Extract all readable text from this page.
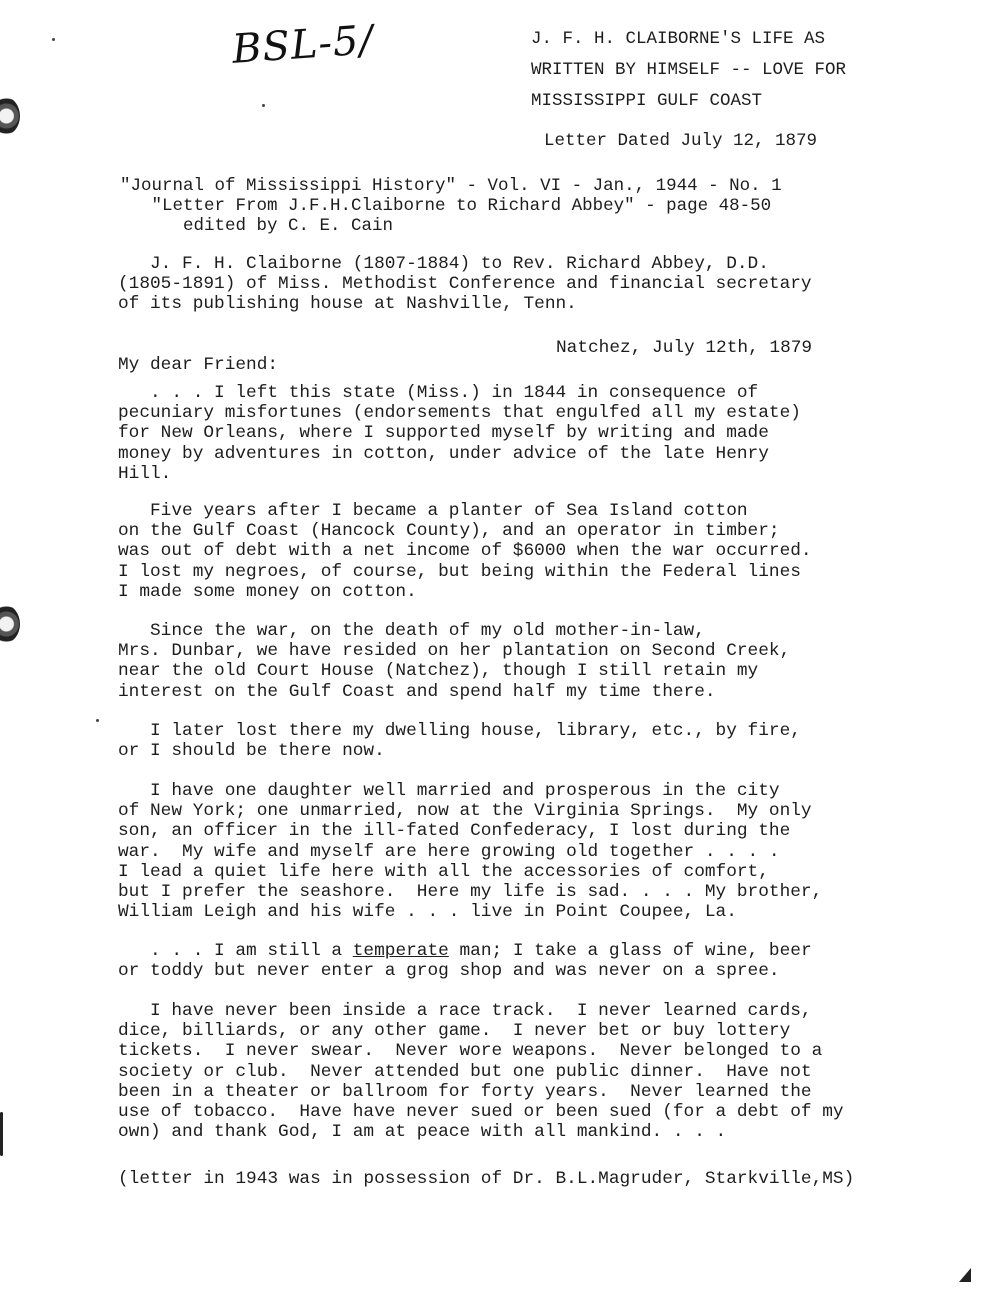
BSL-5/	J. F. H. CLAIBORNE'S LIFE AS
WRITTEN BY HIMSELF -- LOVE FOR
MISSISSIPPI GULF COAST
Letter Dated July 12, 1879
"Journal of Mississippi History" - Vol. VI - Jan., 1944 - No. 1
"Letter From J.F.H.Claiborne to Richard Abbey" - page 48-50
edited by C. E. Cain
J. F. H. Claiborne (1807-1884) to Rev. Richard Abbey, D.D.
(1805-1891) of Miss. Methodist Conference and financial secretary
of its publishing house at Nashville, Tenn.
Natchez, July 12th, 1879
My dear Friend:
. . . I left this state (Miss.) in 1844 in consequence of
pecuniary misfortunes (endorsements that engulfed all my estate)
for New Orleans, where I supported myself by writing and made
money by adventures in cotton, under advice of the late Henry
Hill.
Five years after I became a planter of Sea Island cotton
on the Gulf Coast (Hancock County), and an operator in timber;
was out of debt with a net income of $6000 when the war occurred.
I lost my negroes, of course, but being within the Federal lines
I made some money on cotton.
Since the war, on the death of my old mother-in-law,
Mrs. Dunbar, we have resided on her plantation on Second Creek,
near the old Court House (Natchez), though I still retain my
interest on the Gulf Coast and spend half my time there.
I later lost there my dwelling house, library, etc., by fire,
or I should be there now.
I have one daughter well married and prosperous in the city
of New York; one unmarried, now at the Virginia Springs.  My only
son, an officer in the ill-fated Confederacy, I lost during the
war.  My wife and myself are here growing old together . . . .
I lead a quiet life here with all the accessories of comfort,
but I prefer the seashore.  Here my life is sad. . . . My brother,
William Leigh and his wife . . . live in Point Coupee, La.
. . . I am still a temperate man; I take a glass of wine, beer
or toddy but never enter a grog shop and was never on a spree.
I have never been inside a race track.  I never learned cards,
dice, billiards, or any other game.  I never bet or buy lottery
tickets.  I never swear.  Never wore weapons.  Never belonged to a
society or club.  Never attended but one public dinner.  Have not
been in a theater or ballroom for forty years.  Never learned the
use of tobacco.  Have have never sued or been sued (for a debt of my
own) and thank God, I am at peace with all mankind. . . .
(letter in 1943 was in possession of Dr. B.L.Magruder, Starkville,MS)
